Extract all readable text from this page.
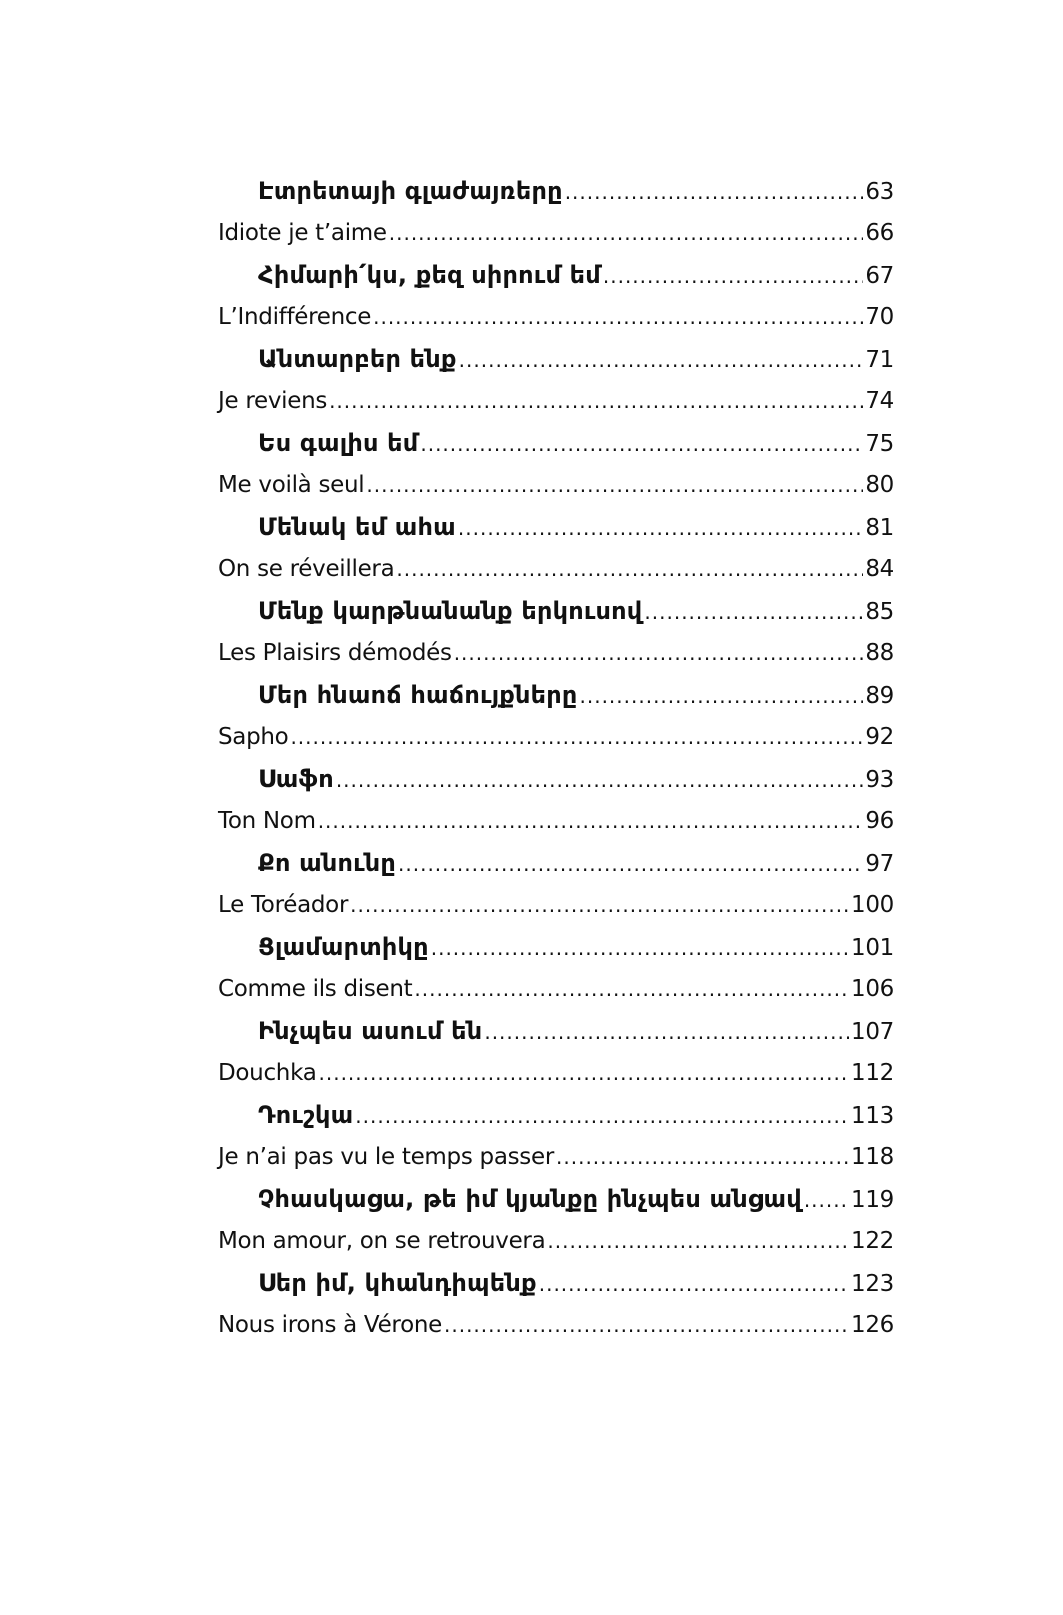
Էտրետայի գլաժայռերը .....	63
Idiote je t’aime .....	66
Հիմարի՛կս, քեզ սիրում եմ .....	67
L’Indifférence .....	70
Անտարբեր ենք .....	71
Je reviens .....	74
Ես գալիս եմ .....	75
Me voilà seul .....	80
Մենակ եմ ահա .....	81
On se réveillera .....	84
Մենք կարթնանանք երկուսով .....	85
Les Plaisirs démodés .....	88
Մեր հնաոճ հաճույքները .....	89
Sapho .....	92
Սաֆո .....	93
Ton Nom .....	96
Քո անունը .....	97
Le Toréador .....	100
Ցլամարտիկը .....	101
Comme ils disent .....	106
Ինչպես ասում են .....	107
Douchka .....	112
Դուշկա .....	113
Je n’ai pas vu le temps passer .....	118
Չհասկացա, թե իմ կյանքը ինչպես անցավ ..... 119
Mon amour, on se retrouvera .....	122
Սեր իմ, կհանդիպենք .....	123
Nous irons à Vérone .....	126
